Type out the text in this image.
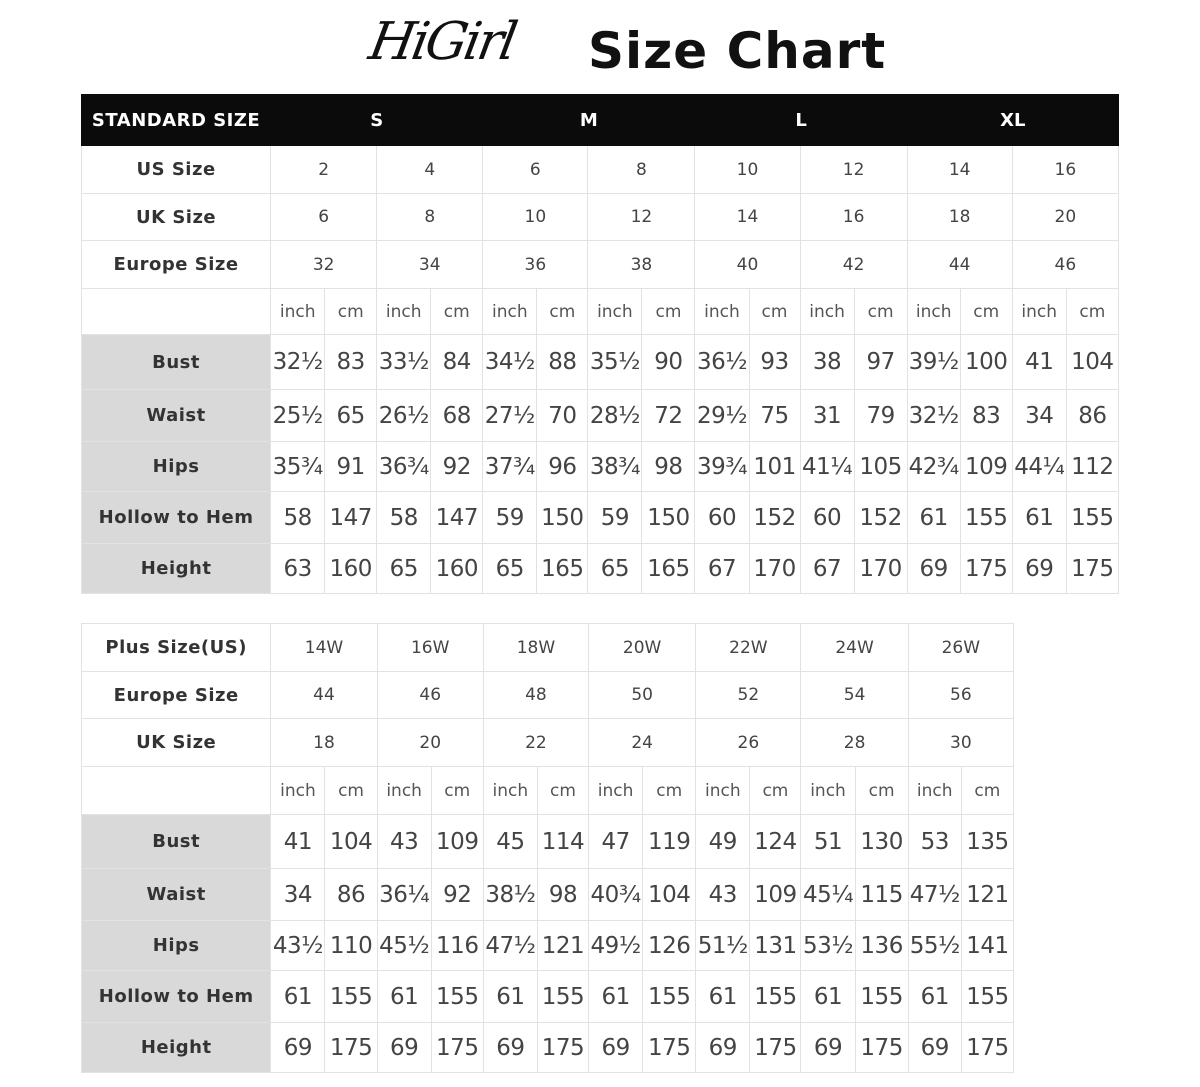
HiGirl Size Chart
STANDARD SIZE	S				M				L				XL			
US Size	2		4		6		8		10		12		14		16	
UK Size	6		8		10		12		14		16		18		20	
Europe Size	32		34		36		38		40		42		44		46	
	inch	cm	inch	cm	inch	cm	inch	cm	inch	cm	inch	cm	inch	cm	inch	cm
Bust	32½	83	33½	84	34½	88	35½	90	36½	93	38	97	39½	100	41	104
Waist	25½	65	26½	68	27½	70	28½	72	29½	75	31	79	32½	83	34	86
Hips	35¾	91	36¾	92	37¾	96	38¾	98	39¾	101	41¼	105	42¾	109	44¼	112
Hollow to Hem	58	147	58	147	59	150	59	150	60	152	60	152	61	155	61	155
Height	63	160	65	160	65	165	65	165	67	170	67	170	69	175	69	175
Plus Size(US)	14W		16W		18W		20W		22W		24W		26W	
Europe Size	44		46		48		50		52		54		56	
UK Size	18		20		22		24		26		28		30	
	inch	cm	inch	cm	inch	cm	inch	cm	inch	cm	inch	cm	inch	cm
Bust	41	104	43	109	45	114	47	119	49	124	51	130	53	135
Waist	34	86	36¼	92	38½	98	40¾	104	43	109	45¼	115	47½	121
Hips	43½	110	45½	116	47½	121	49½	126	51½	131	53½	136	55½	141
Hollow to Hem	61	155	61	155	61	155	61	155	61	155	61	155	61	155
Height	69	175	69	175	69	175	69	175	69	175	69	175	69	175
